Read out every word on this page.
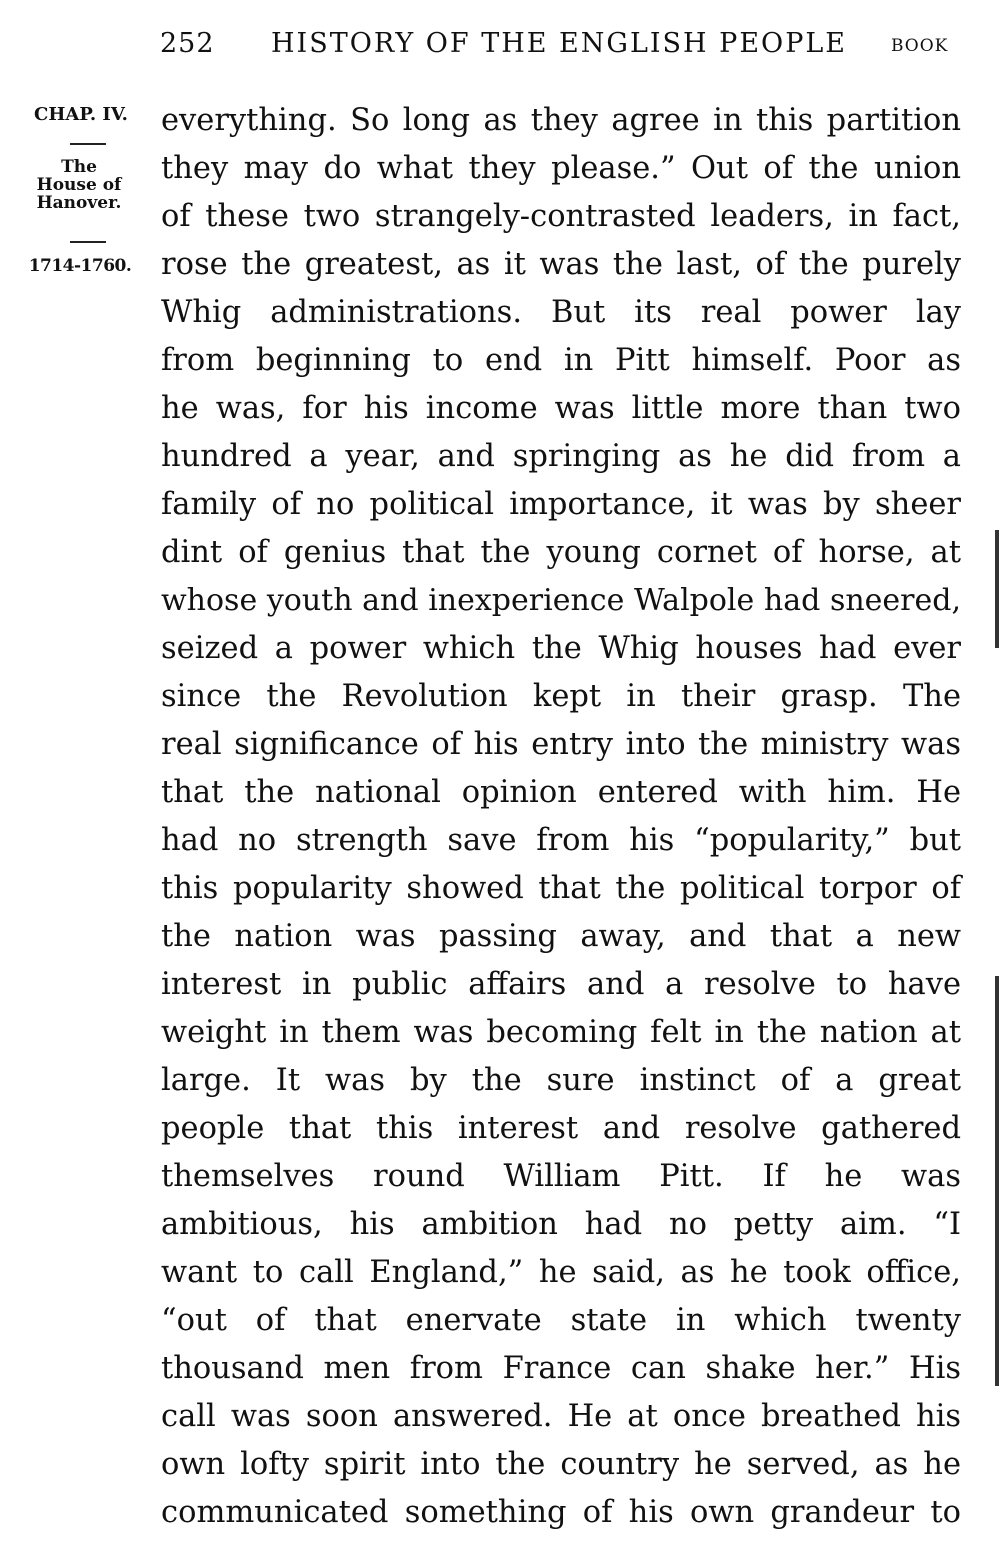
252 HISTORY OF THE ENGLISH PEOPLE	BOOK
CHAP. IV.
The
House of
Hanover.
1714-1760.
everything. So long as they agree in this partition
they may do what they please.” Out of the union
of these two strangely-contrasted leaders, in fact,
rose the greatest, as it was the last, of the purely
Whig administrations. But its real power lay
from beginning to end in Pitt himself. Poor as
he was, for his income was little more than two
hundred a year, and springing as he did from a
family of no political importance, it was by sheer
dint of genius that the young cornet of horse, at
whose youth and inexperience Walpole had sneered,
seized a power which the Whig houses had ever
since the Revolution kept in their grasp. The
real significance of his entry into the ministry was
that the national opinion entered with him. He
had no strength save from his “popularity,” but
this popularity showed that the political torpor of
the nation was passing away, and that a new
interest in public affairs and a resolve to have
weight in them was becoming felt in the nation at
large. It was by the sure instinct of a great
people that this interest and resolve gathered
themselves round William Pitt. If he was
ambitious, his ambition had no petty aim. “I
want to call England,” he said, as he took office,
“out of that enervate state in which twenty
thousand men from France can shake her.” His
call was soon answered. He at once breathed his
own lofty spirit into the country he served, as he
communicated something of his own grandeur to
